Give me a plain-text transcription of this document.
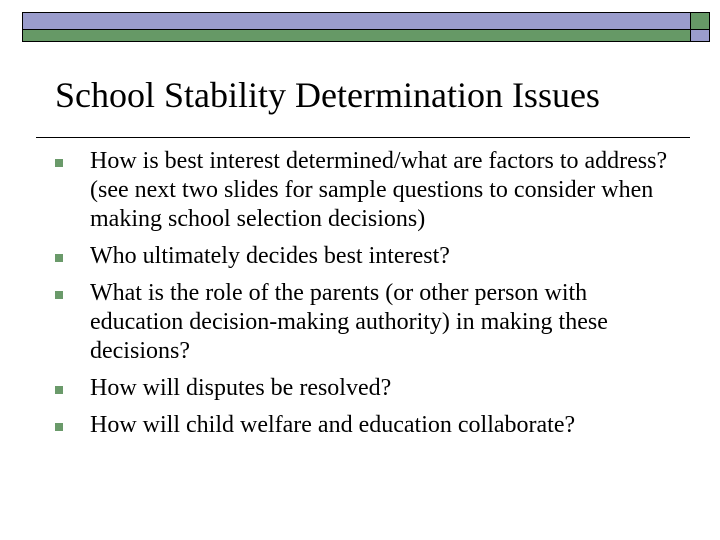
School Stability Determination Issues
How is best interest determined/what are factors to address? (see next two slides for sample questions to consider when making school selection decisions)
Who ultimately decides best interest?
What is the role of the parents (or other person with education decision-making authority) in making these decisions?
How will disputes be resolved?
How will child welfare and education collaborate?
